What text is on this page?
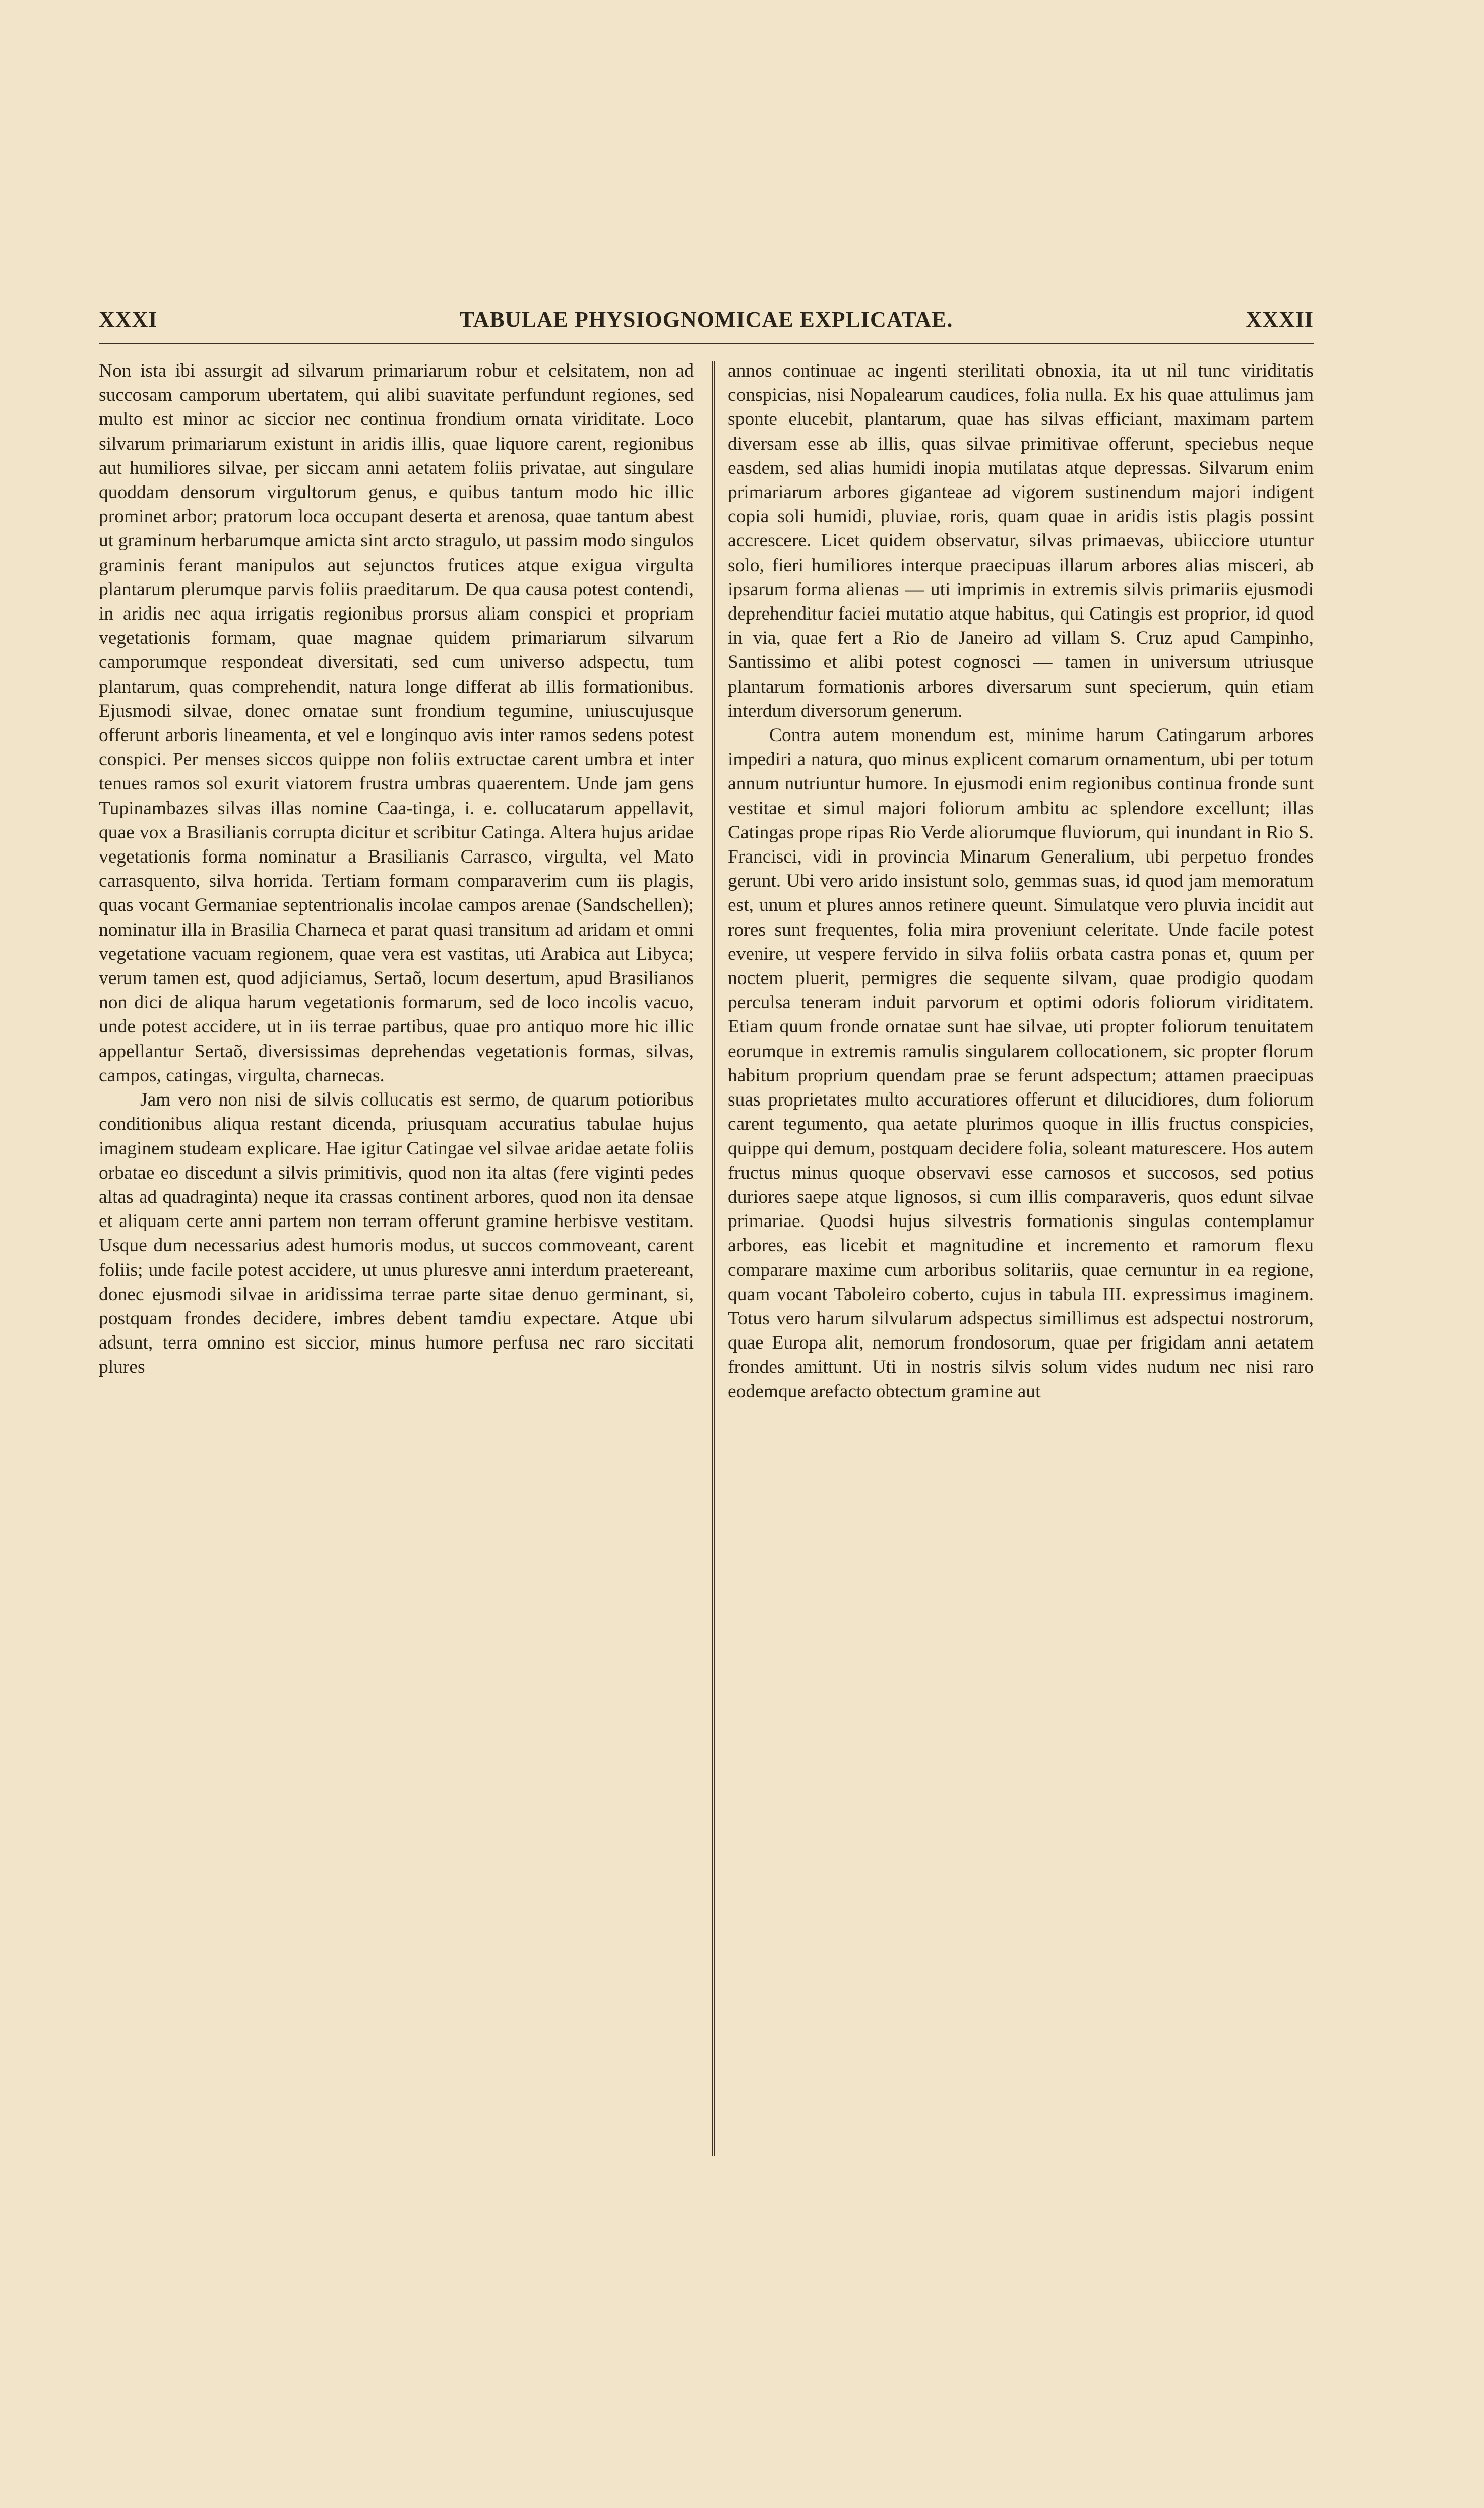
XXXI	TABULAE PHYSIOGNOMICAE EXPLICATAE.	XXXII

Non ista ibi assurgit ad silvarum primariarum robur et celsitatem, non ad succosam camporum ubertatem, qui alibi suavitate perfundunt regiones, sed multo est minor ac siccior nec continua frondium ornata viriditate. Loco silvarum primariarum existunt in aridis illis, quae liquore carent, regionibus aut humiliores silvae, per siccam anni aetatem foliis privatae, aut singulare quoddam densorum virgultorum genus, e quibus tantum modo hic illic prominet arbor; pratorum loca occupant deserta et arenosa, quae tantum abest ut graminum herbarumque amicta sint arcto stragulo, ut passim modo singulos graminis ferant manipulos aut sejunctos frutices atque exigua virgulta plantarum plerumque parvis foliis praeditarum. De qua causa potest contendi, in aridis nec aqua irrigatis regionibus prorsus aliam conspici et propriam vegetationis formam, quae magnae quidem primariarum silvarum camporumque respondeat diversitati, sed cum universo adspectu, tum plantarum, quas comprehendit, natura longe differat ab illis formationibus. Ejusmodi silvae, donec ornatae sunt frondium tegumine, uniuscujusque offerunt arboris lineamenta, et vel e longinquo avis inter ramos sedens potest conspici. Per menses siccos quippe non foliis extructae carent umbra et inter tenues ramos sol exurit viatorem frustra umbras quaerentem. Unde jam gens Tupinambazes silvas illas nomine Caa-tinga, i. e. collucatarum appellavit, quae vox a Brasilianis corrupta dicitur et scribitur Catinga. Altera hujus aridae vegetationis forma nominatur a Brasilianis Carrasco, virgulta, vel Mato carrasquento, silva horrida. Tertiam formam comparaverim cum iis plagis, quas vocant Germaniae septentrionalis incolae campos arenae (Sandschellen); nominatur illa in Brasilia Charneca et parat quasi transitum ad aridam et omni vegetatione vacuam regionem, quae vera est vastitas, uti Arabica aut Libyca; verum tamen est, quod adjiciamus, Sertaõ, locum desertum, apud Brasilianos non dici de aliqua harum vegetationis formarum, sed de loco incolis vacuo, unde potest accidere, ut in iis terrae partibus, quae pro antiquo more hic illic appellantur Sertaõ, diversissimas deprehendas vegetationis formas, silvas, campos, catingas, virgulta, charnecas.

Jam vero non nisi de silvis collucatis est sermo, de quarum potioribus conditionibus aliqua restant dicenda, priusquam accuratius tabulae hujus imaginem studeam explicare. Hae igitur Catingae vel silvae aridae aetate foliis orbatae eo discedunt a silvis primitivis, quod non ita altas (fere viginti pedes altas ad quadraginta) neque ita crassas continent arbores, quod non ita densae et aliquam certe anni partem non terram offerunt gramine herbisve vestitam. Usque dum necessarius adest humoris modus, ut succos commoveant, carent foliis; unde facile potest accidere, ut unus pluresve anni interdum praetereant, donec ejusmodi silvae in aridissima terrae parte sitae denuo germinant, si, postquam frondes decidere, imbres debent tamdiu expectare. Atque ubi adsunt, terra omnino est siccior, minus humore perfusa nec raro siccitati plures

annos continuae ac ingenti sterilitati obnoxia, ita ut nil tunc viriditatis conspicias, nisi Nopalearum caudices, folia nulla. Ex his quae attulimus jam sponte elucebit, plantarum, quae has silvas efficiant, maximam partem diversam esse ab illis, quas silvae primitivae offerunt, speciebus neque easdem, sed alias humidi inopia mutilatas atque depressas. Silvarum enim primariarum arbores giganteae ad vigorem sustinendum majori indigent copia soli humidi, pluviae, roris, quam quae in aridis istis plagis possint accrescere. Licet quidem observatur, silvas primaevas, ubiicciore utuntur solo, fieri humiliores interque praecipuas illarum arbores alias misceri, ab ipsarum forma alienas — uti imprimis in extremis silvis primariis ejusmodi deprehenditur faciei mutatio atque habitus, qui Catingis est proprior, id quod in via, quae fert a Rio de Janeiro ad villam S. Cruz apud Campinho, Santissimo et alibi potest cognosci — tamen in universum utriusque plantarum formationis arbores diversarum sunt specierum, quin etiam interdum diversorum generum.

Contra autem monendum est, minime harum Catingarum arbores impediri a natura, quo minus explicent comarum ornamentum, ubi per totum annum nutriuntur humore. In ejusmodi enim regionibus continua fronde sunt vestitae et simul majori foliorum ambitu ac splendore excellunt; illas Catingas prope ripas Rio Verde aliorumque fluviorum, qui inundant in Rio S. Francisci, vidi in provincia Minarum Generalium, ubi perpetuo frondes gerunt. Ubi vero arido insistunt solo, gemmas suas, id quod jam memoratum est, unum et plures annos retinere queunt. Simulatque vero pluvia incidit aut rores sunt frequentes, folia mira proveniunt celeritate. Unde facile potest evenire, ut vespere fervido in silva foliis orbata castra ponas et, quum per noctem pluerit, permigres die sequente silvam, quae prodigio quodam perculsa teneram induit parvorum et optimi odoris foliorum viriditatem. Etiam quum fronde ornatae sunt hae silvae, uti propter foliorum tenuitatem eorumque in extremis ramulis singularem collocationem, sic propter florum habitum proprium quendam prae se ferunt adspectum; attamen praecipuas suas proprietates multo accuratiores offerunt et dilucidiores, dum foliorum carent tegumento, qua aetate plurimos quoque in illis fructus conspicies, quippe qui demum, postquam decidere folia, soleant maturescere. Hos autem fructus minus quoque observavi esse carnosos et succosos, sed potius duriores saepe atque lignosos, si cum illis comparaveris, quos edunt silvae primariae. Quodsi hujus silvestris formationis singulas contemplamur arbores, eas licebit et magnitudine et incremento et ramorum flexu comparare maxime cum arboribus solitariis, quae cernuntur in ea regione, quam vocant Taboleiro coberto, cujus in tabula III. expressimus imaginem. Totus vero harum silvularum adspectus simillimus est adspectui nostrorum, quae Europa alit, nemorum frondosorum, quae per frigidam anni aetatem frondes amittunt. Uti in nostris silvis solum vides nudum nec nisi raro eodemque arefacto obtectum gramine aut
